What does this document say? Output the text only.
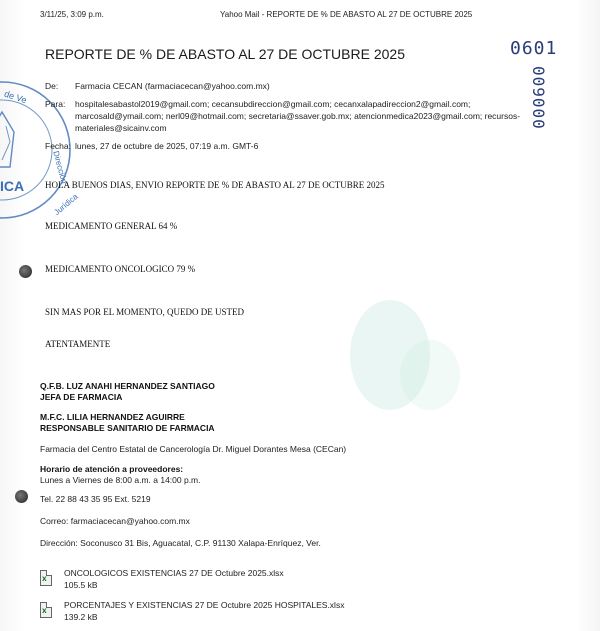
3/11/25, 3:09 p.m.	Yahoo Mail - REPORTE DE % DE ABASTO AL 27 DE OCTUBRE 2025
0601
009000
de Ve
Dirección
Jurídica
ICA
REPORTE DE % DE ABASTO AL 27 DE OCTUBRE 2025
De: Farmacia CECAN (farmaciacecan@yahoo.com.mx)
Para: hospitalesabastol2019@gmail.com; cecansubdireccion@gmail.com; cecanxalapadireccion2@gmail.com;
marcosald@ymail.com; nerl09@hotmail.com; secretaria@ssaver.gob.mx; atencionmedica2023@gmail.com; recursos-
materiales@sicainv.com
Fecha: lunes, 27 de octubre de 2025, 07:19 a.m. GMT-6
HOLA BUENOS DIAS, ENVIO REPORTE DE % DE ABASTO AL 27 DE OCTUBRE 2025
MEDICAMENTO GENERAL 64 %
MEDICAMENTO ONCOLOGICO 79 %
SIN MAS POR EL MOMENTO, QUEDO DE USTED
ATENTAMENTE
Q.F.B. LUZ ANAHI HERNANDEZ SANTIAGO
JEFA DE FARMACIA
M.F.C. LILIA HERNANDEZ AGUIRRE
RESPONSABLE SANITARIO DE FARMACIA
Farmacia del Centro Estatal de Cancerología Dr. Miguel Dorantes Mesa (CECan)
Horario de atención a proveedores:
Lunes a Viernes de 8:00 a.m. a 14:00 p.m.
Tel. 22 88 43 35 95 Ext. 5219
Correo: farmaciacecan@yahoo.com.mx
Dirección: Soconusco 31 Bis, Aguacatal, C.P. 91130 Xalapa-Enríquez, Ver.
X
ONCOLOGICOS EXISTENCIAS 27 DE Octubre 2025.xlsx
105.5 kB
X
PORCENTAJES Y EXISTENCIAS 27 DE Octubre 2025 HOSPITALES.xlsx
139.2 kB
